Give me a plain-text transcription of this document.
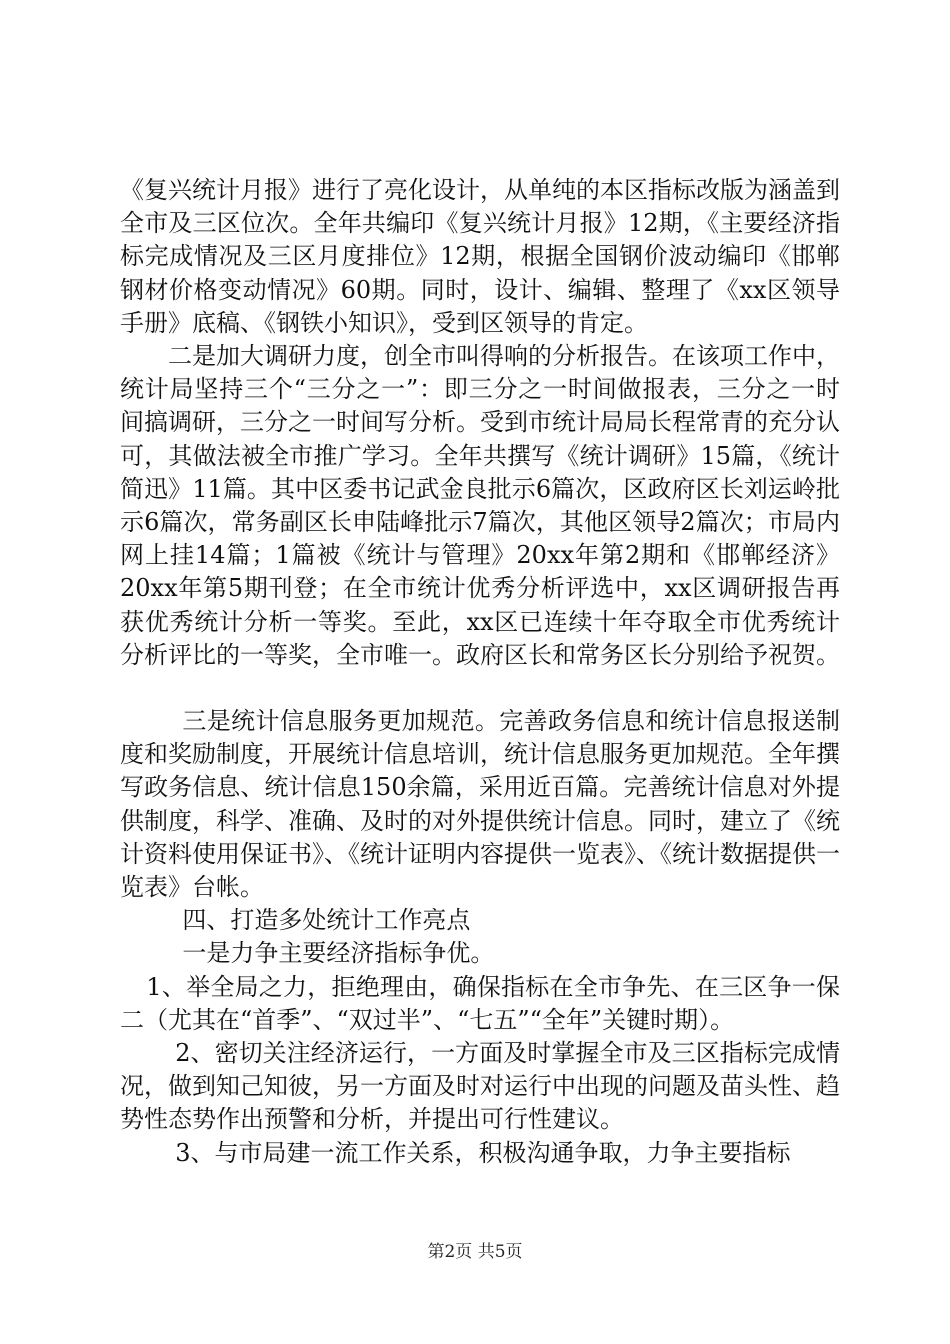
《复兴统计月报》进行了亮化设计，从单纯的本区指标改版为涵盖到全市及三区位次。全年共编印《复兴统计月报》12期，《主要经济指标完成情况及三区月度排位》12期，根据全国钢价波动编印《邯郸钢材价格变动情况》60期。同时，设计、编辑、整理了《xx区领导手册》底稿、《钢铁小知识》，受到区领导的肯定。

二是加大调研力度，创全市叫得响的分析报告。在该项工作中，统计局坚持三个“三分之一”：即三分之一时间做报表，三分之一时间搞调研，三分之一时间写分析。受到市统计局局长程常青的充分认可，其做法被全市推广学习。全年共撰写《统计调研》15篇，《统计简迅》11篇。其中区委书记武金良批示6篇次，区政府区长刘运岭批示6篇次，常务副区长申陆峰批示7篇次，其他区领导2篇次；市局内网上挂14篇；1篇被《统计与管理》20xx年第2期和《邯郸经济》20xx年第5期刊登；在全市统计优秀分析评选中，xx区调研报告再获优秀统计分析一等奖。至此，xx区已连续十年夺取全市优秀统计分析评比的一等奖，全市唯一。政府区长和常务区长分别给予祝贺。

三是统计信息服务更加规范。完善政务信息和统计信息报送制度和奖励制度，开展统计信息培训，统计信息服务更加规范。全年撰写政务信息、统计信息150余篇，采用近百篇。完善统计信息对外提供制度，科学、准确、及时的对外提供统计信息。同时，建立了《统计资料使用保证书》、《统计证明内容提供一览表》、《统计数据提供一览表》台帐。

四、打造多处统计工作亮点

一是力争主要经济指标争优。

1、举全局之力，拒绝理由，确保指标在全市争先、在三区争一保二（尤其在“首季”、“双过半”、“七五”“全年”关键时期）。

2、密切关注经济运行，一方面及时掌握全市及三区指标完成情况，做到知己知彼，另一方面及时对运行中出现的问题及苗头性、趋势性态势作出预警和分析，并提出可行性建议。

3、与市局建一流工作关系，积极沟通争取，力争主要指标

第2页 共5页
